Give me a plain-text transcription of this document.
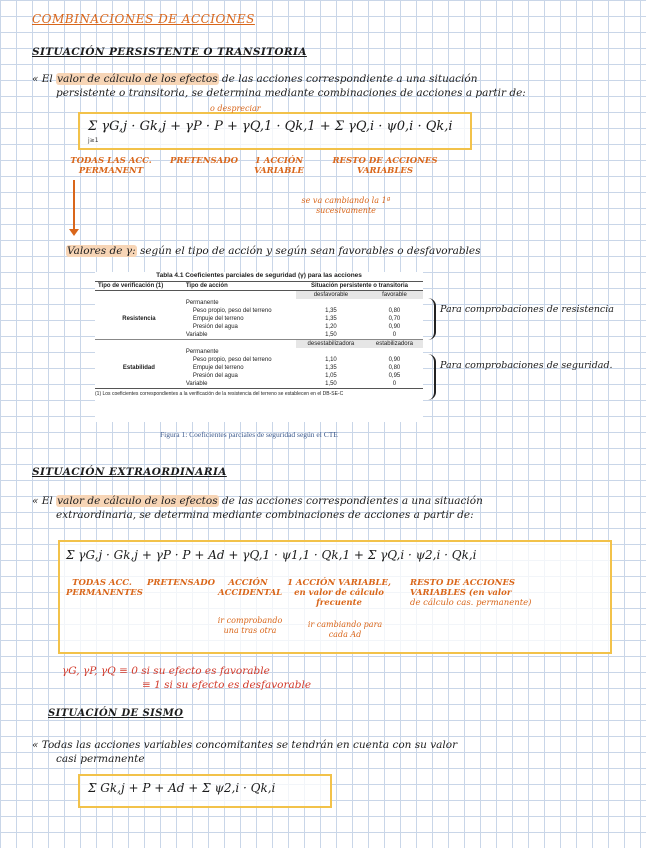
COMBINACIONES DE ACCIONES
SITUACIÓN PERSISTENTE O TRANSITORIA
« El valor de cálculo de los efectos de las acciones correspondiente a una situación
persistente o transitoria, se determina mediante combinaciones de acciones a partir de:
o despreciar
Σ γG,j · Gk,j + γP · P + γQ,1 · Qk,1 + Σ γQ,i · ψ0,i · Qk,i
j≥1
TODAS LAS ACC. PERMANENT
PRETENSADO	1 ACCIÓN VARIABLE
RESTO DE ACCIONES VARIABLES
se va cambiando la 1ª sucesivamente
Valores de γ: según el tipo de acción y según sean favorables o desfavorables
Tabla 4.1 Coeficientes parciales de seguridad (γ) para las acciones
Tipo de verificación (1)	Tipo de acción	Situación persistente o transitoria	
		desfavorable	favorable
Resistencia	Permanente		
	Peso propio, peso del terreno	1,35	0,80
	Empuje del terreno	1,35	0,70
	Presión del agua	1,20	0,90
	Variable	1,50	0
		desestabilizadora	estabilizadora
Estabilidad	Permanente		
	Peso propio, peso del terreno	1,10	0,90
	Empuje del terreno	1,35	0,80
	Presión del agua	1,05	0,95
	Variable	1,50	0
(1) Los coeficientes correspondientes a la verificación de la resistencia del terreno se establecen en el DB-SE-C
Figura 1: Coeficientes parciales de seguridad según el CTE
Para comprobaciones de resistencia
Para comprobaciones de seguridad.
SITUACIÓN EXTRAORDINARIA
« El valor de cálculo de los efectos de las acciones correspondientes a una situación
extraordinaria, se determina mediante combinaciones de acciones a partir de:
Σ γG,j · Gk,j + γP · P + Ad + γQ,1 · ψ1,1 · Qk,1 + Σ γQ,i · ψ2,i · Qk,i
TODAS ACC. PERMANENTES
PRETENSADO	ACCIÓN ACCIDENTAL
1 ACCIÓN VARIABLE, en valor de cálculo frecuente
RESTO DE ACCIONES
VARIABLES (en valor
de cálculo cas. permanente)
ir comprobando una tras otra
ir cambiando para cada Ad
γG, γP, γQ ≡ 0 si su efecto es favorable
≡ 1 si su efecto es desfavorable
SITUACIÓN DE SISMO
« Todas las acciones variables concomitantes se tendrán en cuenta con su valor
casi permanente
Σ Gk,j + P + Ad + Σ ψ2,i · Qk,i
